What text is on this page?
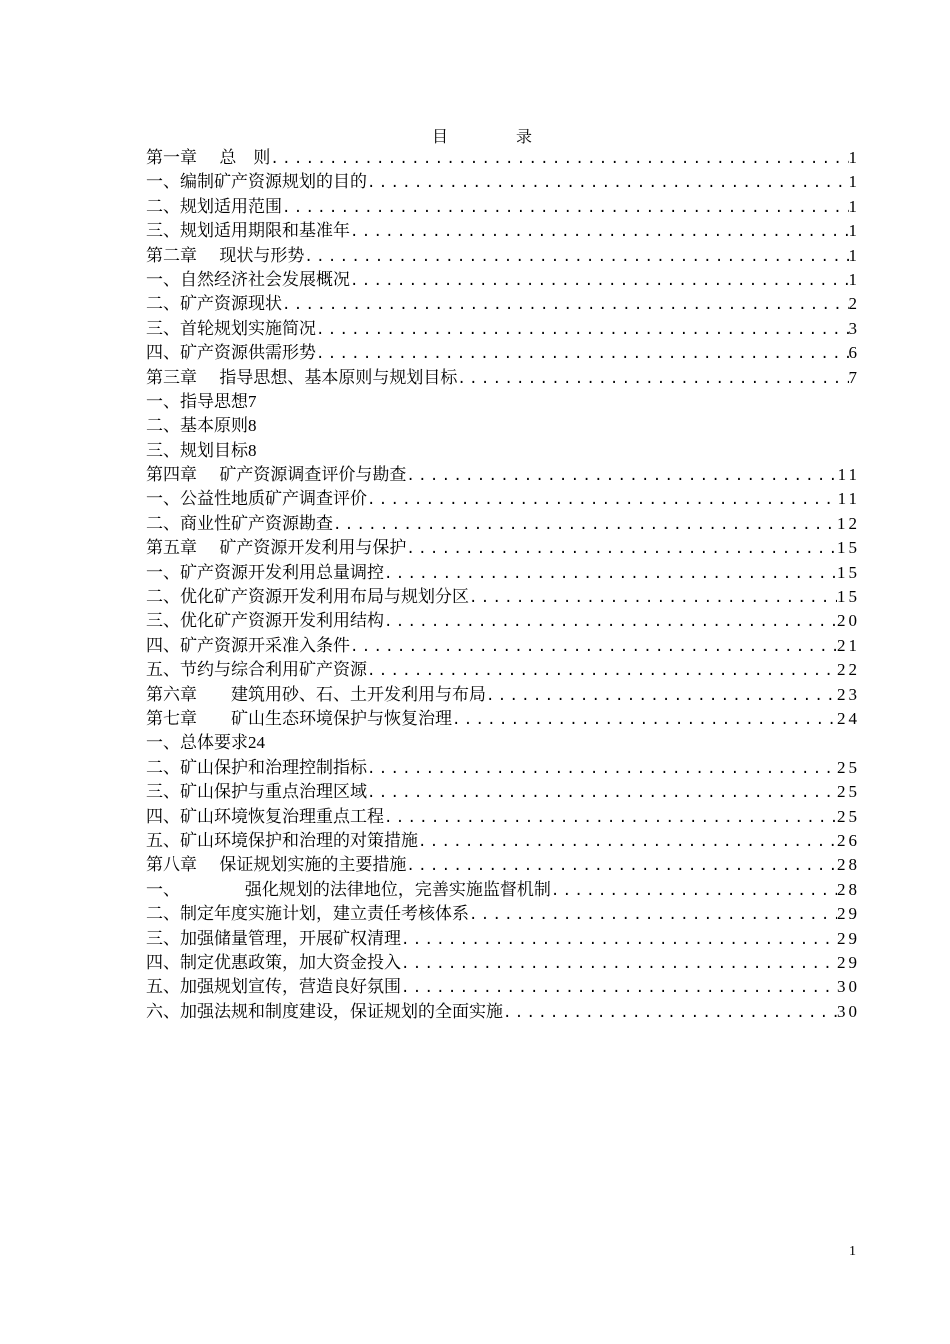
目　录
第一章　 总　则 .....	1
一、编制矿产资源规划的目的 .....	1
二、规划适用范围 .....	1
三、规划适用期限和基准年 .....	1
第二章　 现状与形势 .....	1
一、自然经济社会发展概况 .....	1
二、矿产资源现状 .....	2
三、首轮规划实施简况 .....	3
四、矿产资源供需形势 .....	6
第三章　 指导思想、基本原则与规划目标 .....	7
一、指导思想 7
二、基本原则 8
三、规划目标 8
第四章　 矿产资源调查评价与勘查 .....	11
一、公益性地质矿产调查评价 .....	11
二、商业性矿产资源勘查 .....	12
第五章　 矿产资源开发利用与保护 .....	15
一、矿产资源开发利用总量调控 .....	15
二、优化矿产资源开发利用布局与规划分区 .....	15
三、优化矿产资源开发利用结构 .....	20
四、矿产资源开采准入条件 .....	21
五、节约与综合利用矿产资源 .....	22
第六章　　建筑用砂、石、土开发利用与布局 .....	23
第七章　　矿山生态环境保护与恢复治理 .....	24
一、总体要求 24
二、矿山保护和治理控制指标 .....	25
三、矿山保护与重点治理区域 .....	25
四、矿山环境恢复治理重点工程 .....	25
五、矿山环境保护和治理的对策措施 .....	26
第八章　 保证规划实施的主要措施 .....	28
一、　　　　 强化规划的法律地位，完善实施监督机制 .....	28
二、制定年度实施计划，建立责任考核体系 .....	29
三、加强储量管理，开展矿权清理 .....	29
四、制定优惠政策，加大资金投入 .....	29
五、加强规划宣传，营造良好氛围 .....	30
六、加强法规和制度建设，保证规划的全面实施 .....	30
1
